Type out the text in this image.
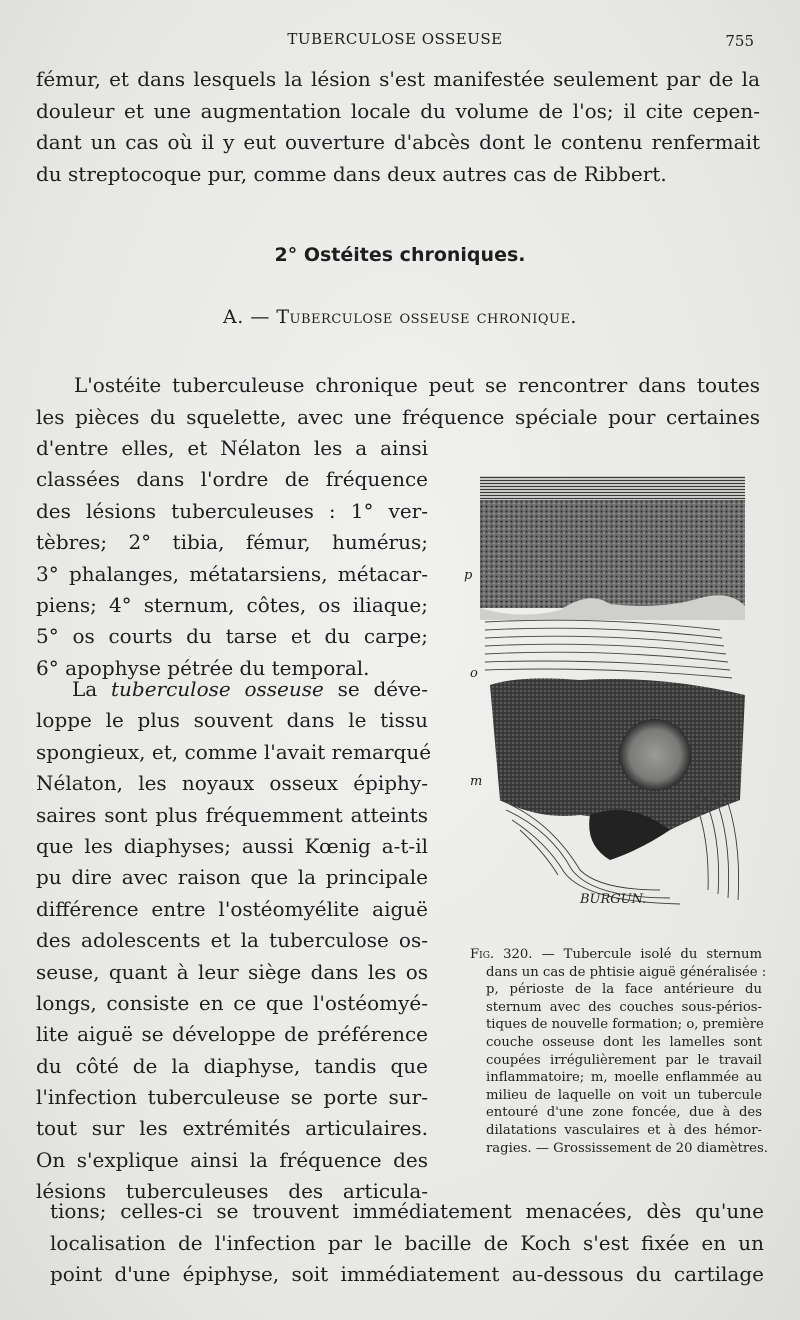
TUBERCULOSE OSSEUSE	755
fémur, et dans lesquels la lésion s'est manifestée seulement par de la
douleur et une augmentation locale du volume de l'os; il cite cepen-
dant un cas où il y eut ouverture d'abcès dont le contenu renfermait
du streptocoque pur, comme dans deux autres cas de Ribbert.
2° Ostéites chroniques.
A. — Tuberculose osseuse chronique.
L'ostéite tuberculeuse chronique peut se rencontrer dans toutes
les pièces du squelette, avec une fréquence spéciale pour certaines
d'entre elles, et Nélaton les a ainsi
classées dans l'ordre de fréquence
des lésions tuberculeuses : 1° ver-
tèbres; 2° tibia, fémur, humérus;
3° phalanges, métatarsiens, métacar-
piens; 4° sternum, côtes, os iliaque;
5° os courts du tarse et du carpe;
6° apophyse pétrée du temporal.
La tuberculose osseuse se déve-
loppe le plus souvent dans le tissu
spongieux, et, comme l'avait remarqué
Nélaton, les noyaux osseux épiphy-
saires sont plus fréquemment atteints
que les diaphyses; aussi Kœnig a-t-il
pu dire avec raison que la principale
différence entre l'ostéomyélite aiguë
des adolescents et la tuberculose os-
seuse, quant à leur siège dans les os
longs, consiste en ce que l'ostéomyé-
lite aiguë se développe de préférence
du côté de la diaphyse, tandis que
l'infection tuberculeuse se porte sur-
tout sur les extrémités articulaires.
On s'explique ainsi la fréquence des
lésions tuberculeuses des articula-
p
o
m
BURGUN.
Fig. 320. — Tubercule isolé du sternum
dans un cas de phtisie aiguë généralisée :
p, périoste de la face antérieure du
sternum avec des couches sous-périos-
tiques de nouvelle formation; o, première
couche osseuse dont les lamelles sont
coupées irrégulièrement par le travail
inflammatoire; m, moelle enflammée au
milieu de laquelle on voit un tubercule
entouré d'une zone foncée, due à des
dilatations vasculaires et à des hémor-
ragies. — Grossissement de 20 diamètres.
tions; celles-ci se trouvent immédiatement menacées, dès qu'une
localisation de l'infection par le bacille de Koch s'est fixée en un
point d'une épiphyse, soit immédiatement au-dessous du cartilage
